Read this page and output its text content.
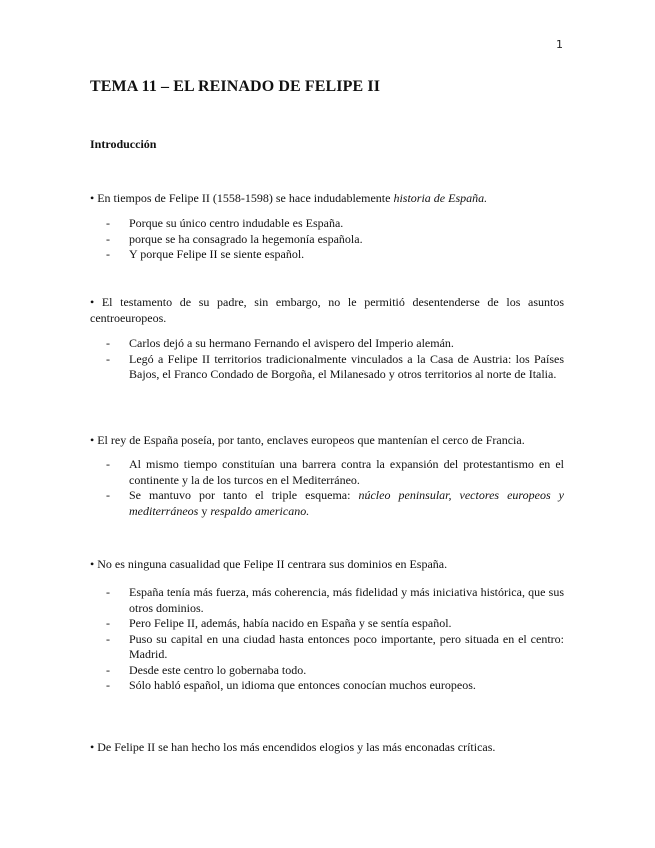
1
TEMA 11 – EL REINADO DE FELIPE II
Introducción

• En tiempos de Felipe II (1558-1598) se hace indudablemente historia de España.

- Porque su único centro indudable es España.
- porque se ha consagrado la hegemonía española.
- Y porque Felipe II se siente español.

• El testamento de su padre, sin embargo, no le permitió desentenderse de los asuntos centroeuropeos.

- Carlos dejó a su hermano Fernando el avispero del Imperio alemán.
- Legó a Felipe II territorios tradicionalmente vinculados a la Casa de Austria: los Países Bajos, el Franco Condado de Borgoña, el Milanesado y otros territorios al norte de Italia.

• El rey de España poseía, por tanto, enclaves europeos que mantenían el cerco de Francia.

- Al mismo tiempo constituían una barrera contra la expansión del protestantismo en el continente y la de los turcos en el Mediterráneo.
- Se mantuvo por tanto el triple esquema: núcleo peninsular, vectores europeos y mediterráneos y respaldo americano.

• No es ninguna casualidad que Felipe II centrara sus dominios en España.

- España tenía más fuerza, más coherencia, más fidelidad y más iniciativa histórica, que sus otros dominios.
- Pero Felipe II, además, había nacido en España y se sentía español.
- Puso su capital en una ciudad hasta entonces poco importante, pero situada en el centro: Madrid.
- Desde este centro lo gobernaba todo.
- Sólo habló español, un idioma que entonces conocían muchos europeos.

• De Felipe II se han hecho los más encendidos elogios y las más enconadas críticas.
